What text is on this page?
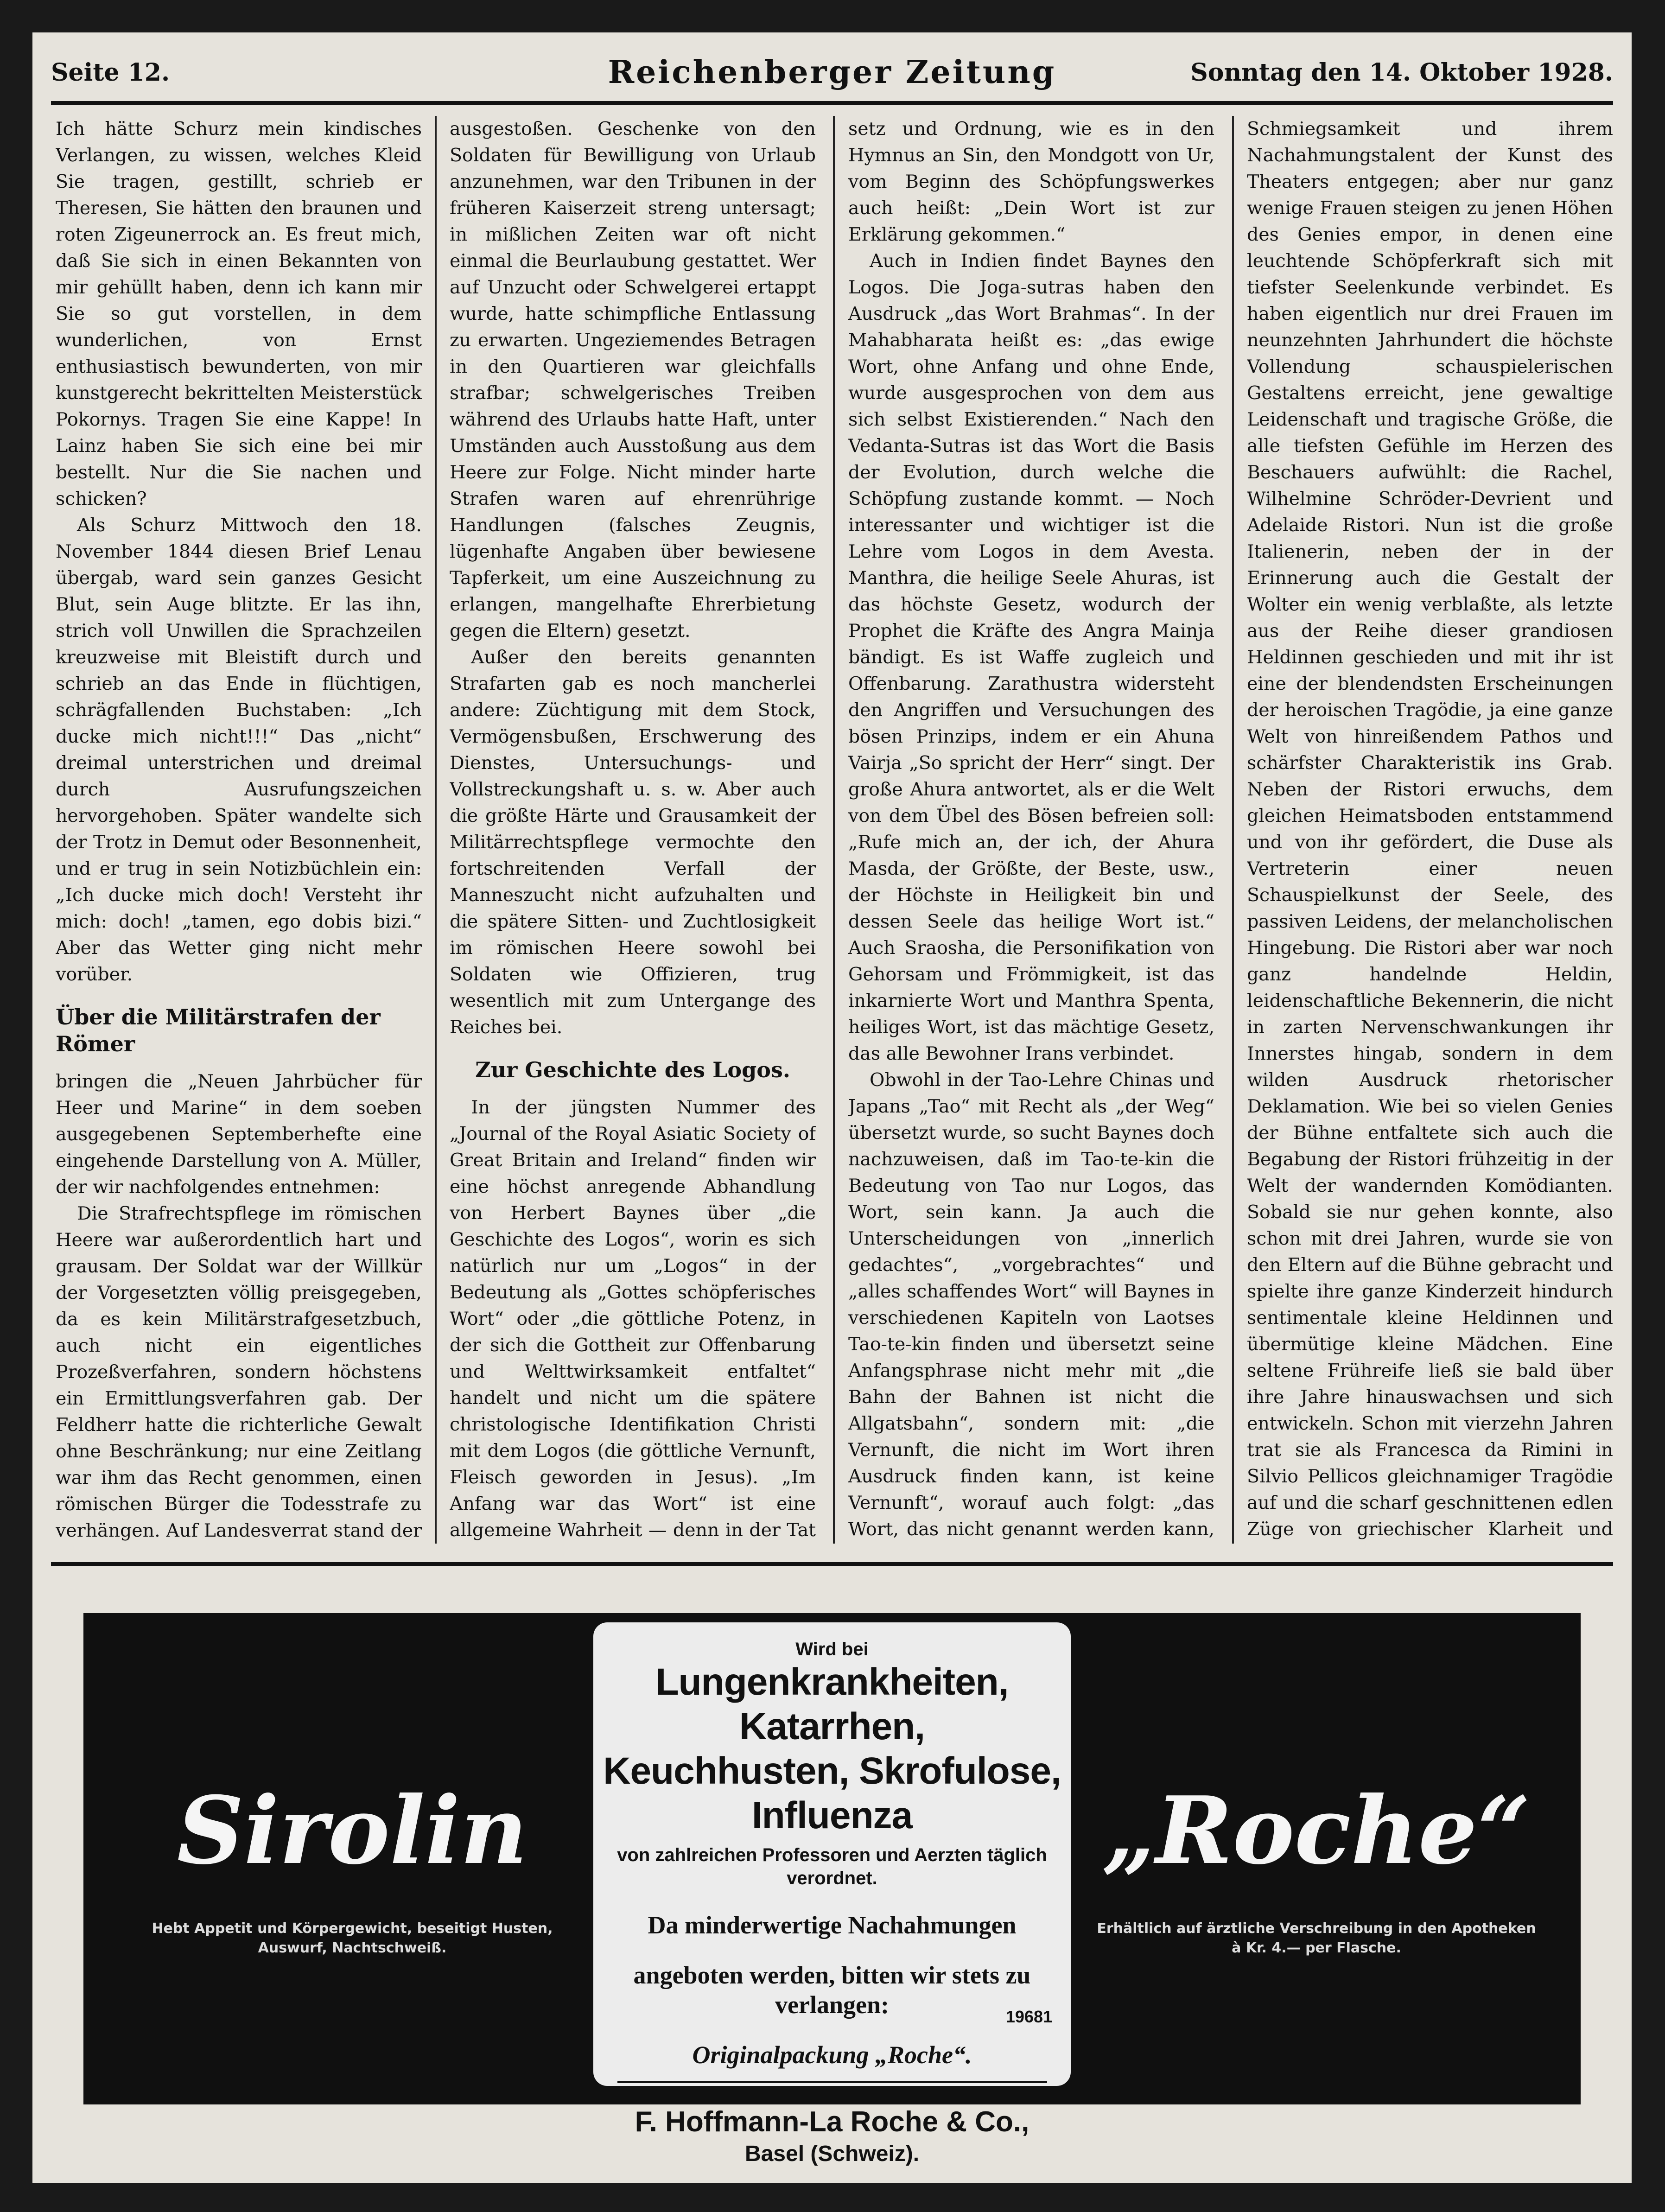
Seite 12.	Reichenberger Zeitung	Sonntag den 14. Oktober 1928.

Ich hätte Schurz mein kindisches Verlangen, zu wissen, welches Kleid Sie tragen, gestillt, schrieb er Theresen, Sie hätten den braunen und roten Zigeunerrock an. Es freut mich, daß Sie sich in einen Bekannten von mir gehüllt haben, denn ich kann mir Sie so gut vorstellen, in dem wunderlichen, von Ernst enthusiastisch bewunderten, von mir kunstgerecht bekrittelten Meisterstück Pokornys. Tragen Sie eine Kappe! In Lainz haben Sie sich eine bei mir bestellt. Nur die Sie nachen und schicken?

Als Schurz Mittwoch den 18. November 1844 diesen Brief Lenau übergab, ward sein ganzes Gesicht Blut, sein Auge blitzte. Er las ihn, strich voll Unwillen die Sprachzeilen kreuzweise mit Bleistift durch und schrieb an das Ende in flüchtigen, schrägfallenden Buchstaben: „Ich ducke mich nicht!!!“ Das „nicht“ dreimal unterstrichen und dreimal durch Ausrufungszeichen hervorgehoben. Später wandelte sich der Trotz in Demut oder Besonnenheit, und er trug in sein Notizbüchlein ein: „Ich ducke mich doch! Versteht ihr mich: doch! „tamen, ego dobis bizi.“ Aber das Wetter ging nicht mehr vorüber.

Über die Militärstrafen der Römer

bringen die „Neuen Jahrbücher für Heer und Marine“ in dem soeben ausgegebenen Septemberhefte eine eingehende Darstellung von A. Müller, der wir nachfolgendes entnehmen:

Die Strafrechtspflege im römischen Heere war außerordentlich hart und grausam. Der Soldat war der Willkür der Vorgesetzten völlig preisgegeben, da es kein Militärstrafgesetzbuch, auch nicht ein eigentliches Prozeßverfahren, sondern höchstens ein Ermittlungsverfahren gab. Der Feldherr hatte die richterliche Gewalt ohne Beschränkung; nur eine Zeitlang war ihm das Recht genommen, einen römischen Bürger die Todesstrafe zu verhängen. Auf Landesverrat stand der

ausgestoßen. Geschenke von den Soldaten für Bewilligung von Urlaub anzunehmen, war den Tribunen in der früheren Kaiserzeit streng untersagt; in mißlichen Zeiten war oft nicht einmal die Beurlaubung gestattet. Wer auf Unzucht oder Schwelgerei ertappt wurde, hatte schimpfliche Entlassung zu erwarten. Ungeziemendes Betragen in den Quartieren war gleichfalls strafbar; schwelgerisches Treiben während des Urlaubs hatte Haft, unter Umständen auch Ausstoßung aus dem Heere zur Folge. Nicht minder harte Strafen waren auf ehrenrührige Handlungen (falsches Zeugnis, lügenhafte Angaben über bewiesene Tapferkeit, um eine Auszeichnung zu erlangen, mangelhafte Ehrerbietung gegen die Eltern) gesetzt.

Außer den bereits genannten Strafarten gab es noch mancherlei andere: Züchtigung mit dem Stock, Vermögensbußen, Erschwerung des Dienstes, Untersuchungs- und Vollstreckungshaft u. s. w. Aber auch die größte Härte und Grausamkeit der Militärrechtspflege vermochte den fortschreitenden Verfall der Manneszucht nicht aufzuhalten und die spätere Sitten- und Zuchtlosigkeit im römischen Heere sowohl bei Soldaten wie Offizieren, trug wesentlich mit zum Untergange des Reiches bei.

Zur Geschichte des Logos.

In der jüngsten Nummer des „Journal of the Royal Asiatic Society of Great Britain and Ireland“ finden wir eine höchst anregende Abhandlung von Herbert Baynes über „die Geschichte des Logos“, worin es sich natürlich nur um „Logos“ in der Bedeutung als „Gottes schöpferisches Wort“ oder „die göttliche Potenz, in der sich die Gottheit zur Offenbarung und Welttwirksamkeit entfaltet“ handelt und nicht um die spätere christologische Identifikation Christi mit dem Logos (die göttliche Vernunft, Fleisch geworden in Jesus). „Im Anfang war das Wort“ ist eine allgemeine Wahrheit — denn in der Tat

setz und Ordnung, wie es in den Hymnus an Sin, den Mondgott von Ur, vom Beginn des Schöpfungswerkes auch heißt: „Dein Wort ist zur Erklärung gekommen.“

Auch in Indien findet Baynes den Logos. Die Joga-sutras haben den Ausdruck „das Wort Brahmas“. In der Mahabharata heißt es: „das ewige Wort, ohne Anfang und ohne Ende, wurde ausgesprochen von dem aus sich selbst Existierenden.“ Nach den Vedanta-Sutras ist das Wort die Basis der Evolution, durch welche die Schöpfung zustande kommt. — Noch interessanter und wichtiger ist die Lehre vom Logos in dem Avesta. Manthra, die heilige Seele Ahuras, ist das höchste Gesetz, wodurch der Prophet die Kräfte des Angra Mainja bändigt. Es ist Waffe zugleich und Offenbarung. Zarathustra widersteht den Angriffen und Versuchungen des bösen Prinzips, indem er ein Ahuna Vairja „So spricht der Herr“ singt. Der große Ahura antwortet, als er die Welt von dem Übel des Bösen befreien soll: „Rufe mich an, der ich, der Ahura Masda, der Größte, der Beste, usw., der Höchste in Heiligkeit bin und dessen Seele das heilige Wort ist.“ Auch Sraosha, die Personifikation von Gehorsam und Frömmigkeit, ist das inkarnierte Wort und Manthra Spenta, heiliges Wort, ist das mächtige Gesetz, das alle Bewohner Irans verbindet.

Obwohl in der Tao-Lehre Chinas und Japans „Tao“ mit Recht als „der Weg“ übersetzt wurde, so sucht Baynes doch nachzuweisen, daß im Tao-te-kin die Bedeutung von Tao nur Logos, das Wort, sein kann. Ja auch die Unterscheidungen von „innerlich gedachtes“, „vorgebrachtes“ und „alles schaffendes Wort“ will Baynes in verschiedenen Kapiteln von Laotses Tao-te-kin finden und übersetzt seine Anfangsphrase nicht mehr mit „die Bahn der Bahnen ist nicht die Allgatsbahn“, sondern mit: „die Vernunft, die nicht im Wort ihren Ausdruck finden kann, ist keine Vernunft“, worauf auch folgt: „das Wort, das nicht genannt werden kann,

Schmiegsamkeit und ihrem Nachahmungstalent der Kunst des Theaters entgegen; aber nur ganz wenige Frauen steigen zu jenen Höhen des Genies empor, in denen eine leuchtende Schöpferkraft sich mit tiefster Seelenkunde verbindet. Es haben eigentlich nur drei Frauen im neunzehnten Jahrhundert die höchste Vollendung schauspielerischen Gestaltens erreicht, jene gewaltige Leidenschaft und tragische Größe, die alle tiefsten Gefühle im Herzen des Beschauers aufwühlt: die Rachel, Wilhelmine Schröder-Devrient und Adelaide Ristori. Nun ist die große Italienerin, neben der in der Erinnerung auch die Gestalt der Wolter ein wenig verblaßte, als letzte aus der Reihe dieser grandiosen Heldinnen geschieden und mit ihr ist eine der blendendsten Erscheinungen der heroischen Tragödie, ja eine ganze Welt von hinreißendem Pathos und schärfster Charakteristik ins Grab. Neben der Ristori erwuchs, dem gleichen Heimatsboden entstammend und von ihr gefördert, die Duse als Vertreterin einer neuen Schauspielkunst der Seele, des passiven Leidens, der melancholischen Hingebung. Die Ristori aber war noch ganz handelnde Heldin, leidenschaftliche Bekennerin, die nicht in zarten Nervenschwankungen ihr Innerstes hingab, sondern in dem wilden Ausdruck rhetorischer Deklamation. Wie bei so vielen Genies der Bühne entfaltete sich auch die Begabung der Ristori frühzeitig in der Welt der wandernden Komödianten. Sobald sie nur gehen konnte, also schon mit drei Jahren, wurde sie von den Eltern auf die Bühne gebracht und spielte ihre ganze Kinderzeit hindurch sentimentale kleine Heldinnen und übermütige kleine Mädchen. Eine seltene Frühreife ließ sie bald über ihre Jahre hinauswachsen und sich entwickeln. Schon mit vierzehn Jahren trat sie als Francesca da Rimini in Silvio Pellicos gleichnamiger Tragödie auf und die scharf geschnittenen edlen Züge von griechischer Klarheit und

Sirolin
Hebt Appetit und Körpergewicht, beseitigt Husten, Auswurf, Nachtschweiß.
Wird bei
Lungenkrankheiten, Katarrhen,
Keuchhusten, Skrofulose, Influenza
von zahlreichen Professoren und Aerzten täglich verordnet.
Da minderwertige Nachahmungen
angeboten werden, bitten wir stets zu verlangen:
Originalpackung „Roche“.
F. Hoffmann-La Roche & Co.,
Basel (Schweiz).
19681
„Roche“
Erhältlich auf ärztliche Verschreibung in den Apotheken à Kr. 4.— per Flasche.
